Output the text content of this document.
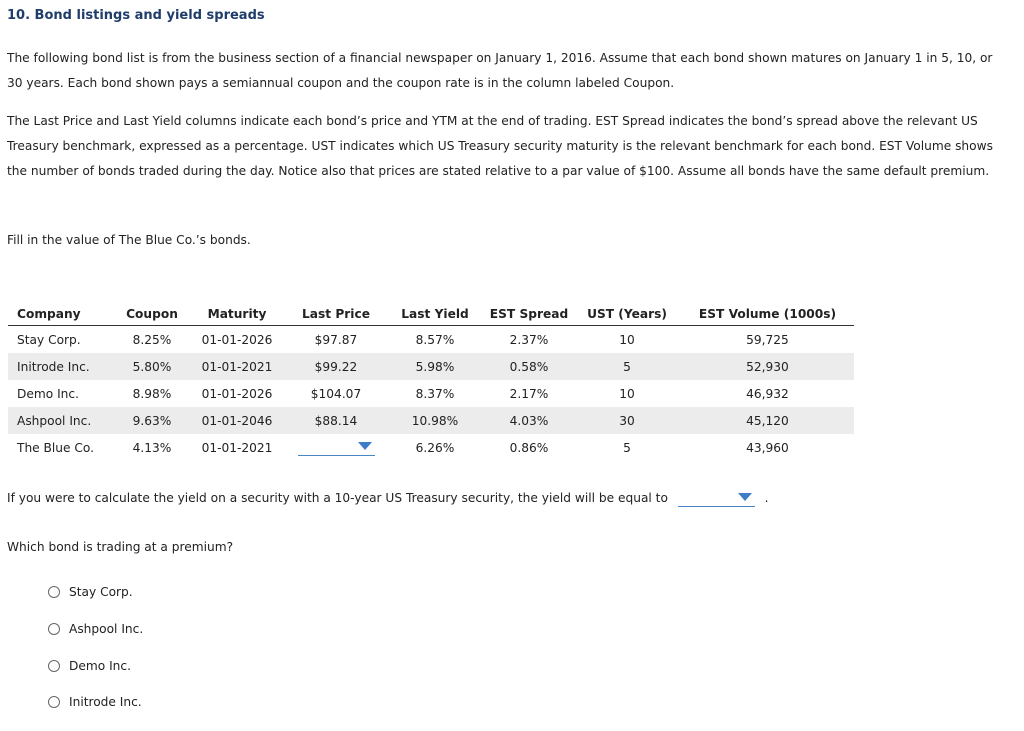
10. Bond listings and yield spreads
The following bond list is from the business section of a financial newspaper on January 1, 2016. Assume that each bond shown matures on January 1 in 5, 10, or 30 years. Each bond shown pays a semiannual coupon and the coupon rate is in the column labeled Coupon.
The Last Price and Last Yield columns indicate each bond’s price and YTM at the end of trading. EST Spread indicates the bond’s spread above the relevant US Treasury benchmark, expressed as a percentage. UST indicates which US Treasury security maturity is the relevant benchmark for each bond. EST Volume shows the number of bonds traded during the day. Notice also that prices are stated relative to a par value of $100. Assume all bonds have the same default premium.
Fill in the value of The Blue Co.’s bonds.
Company	Coupon	Maturity	Last Price	Last Yield	EST Spread	UST (Years)	EST Volume (1000s)
Stay Corp.	8.25%	01-01-2026	$97.87	8.57%	2.37%	10	59,725
Initrode Inc.	5.80%	01-01-2021	$99.22	5.98%	0.58%	5	52,930
Demo Inc.	8.98%	01-01-2026	$104.07	8.37%	2.17%	10	46,932
Ashpool Inc.	9.63%	01-01-2046	$88.14	10.98%	4.03%	30	45,120
The Blue Co.	4.13%	01-01-2021		6.26%	0.86%	5	43,960
If you were to calculate the yield on a security with a 10-year US Treasury security, the yield will be equal to	.
Which bond is trading at a premium?
Stay Corp.
Ashpool Inc.
Demo Inc.
Initrode Inc.
